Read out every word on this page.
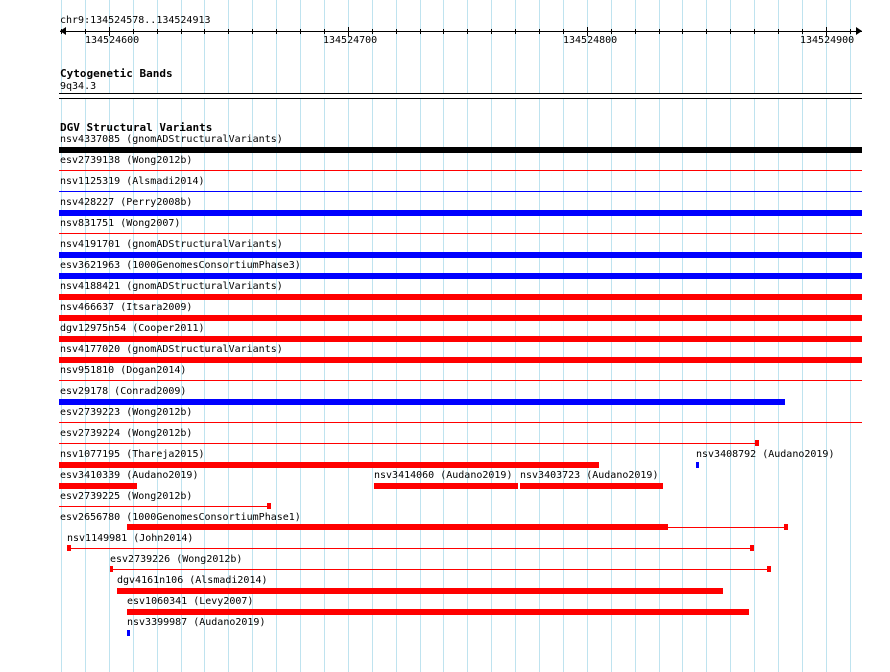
chr9:134524578..134524913
134524600	134524700	134524800	134524900
Cytogenetic Bands
9q34.3
DGV Structural Variants
nsv4337085 (gnomADStructuralVariants)
esv2739138 (Wong2012b)
nsv1125319 (Alsmadi2014)
nsv428227 (Perry2008b)
nsv831751 (Wong2007)
nsv4191701 (gnomADStructuralVariants)
esv3621963 (1000GenomesConsortiumPhase3)
nsv4188421 (gnomADStructuralVariants)
nsv466637 (Itsara2009)
dgv12975n54 (Cooper2011)
nsv4177020 (gnomADStructuralVariants)
nsv951810 (Dogan2014)
esv29178 (Conrad2009)
esv2739223 (Wong2012b)
esv2739224 (Wong2012b)
nsv1077195 (Thareja2015)	nsv3408792 (Audano2019)
esv3410339 (Audano2019)	nsv3414060 (Audano2019) nsv3403723 (Audano2019)
esv2739225 (Wong2012b)
esv2656780 (1000GenomesConsortiumPhase1)
nsv1149981 (John2014)
esv2739226 (Wong2012b)
dgv4161n106 (Alsmadi2014)
esv1060341 (Levy2007)
nsv3399987 (Audano2019)
